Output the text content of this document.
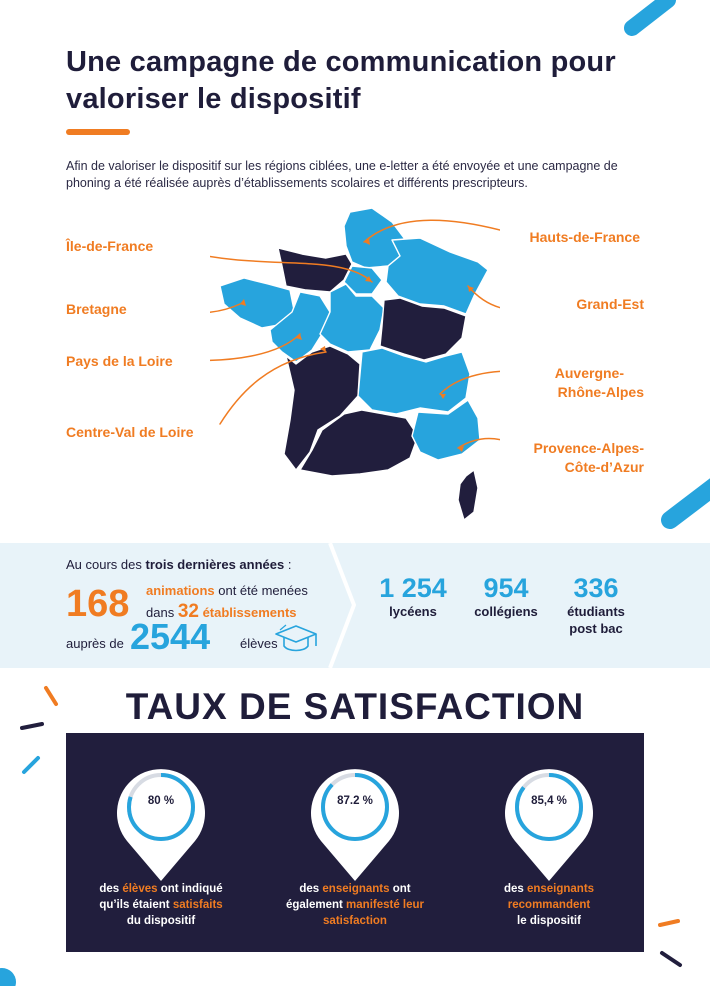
Une campagne de communication pour valoriser le dispositif
Afin de valoriser le dispositif sur les régions ciblées, une e-letter a été envoyée et une campagne de phoning a été réalisée auprès d’établissements scolaires et différents prescripteurs.
Île-de-France
Bretagne
Pays de la Loire
Centre-Val de Loire
Hauts-de-France
Grand-Est
Auvergne-
Rhône-Alpes
Provence-Alpes-
Côte-d’Azur
Au cours des trois dernières années :
168 animations ont été menées
dans 32 établissements
auprès de 2544 élèves
1 254
lycéens
954
collégiens
336
étudiants
post bac
TAUX DE SATISFACTION
80 %
des élèves ont indiqué
qu’ils étaient satisfaits
du dispositif
87.2 %
des enseignants ont
également manifesté leur
satisfaction
85,4 %
des enseignants
recommandent
le dispositif
